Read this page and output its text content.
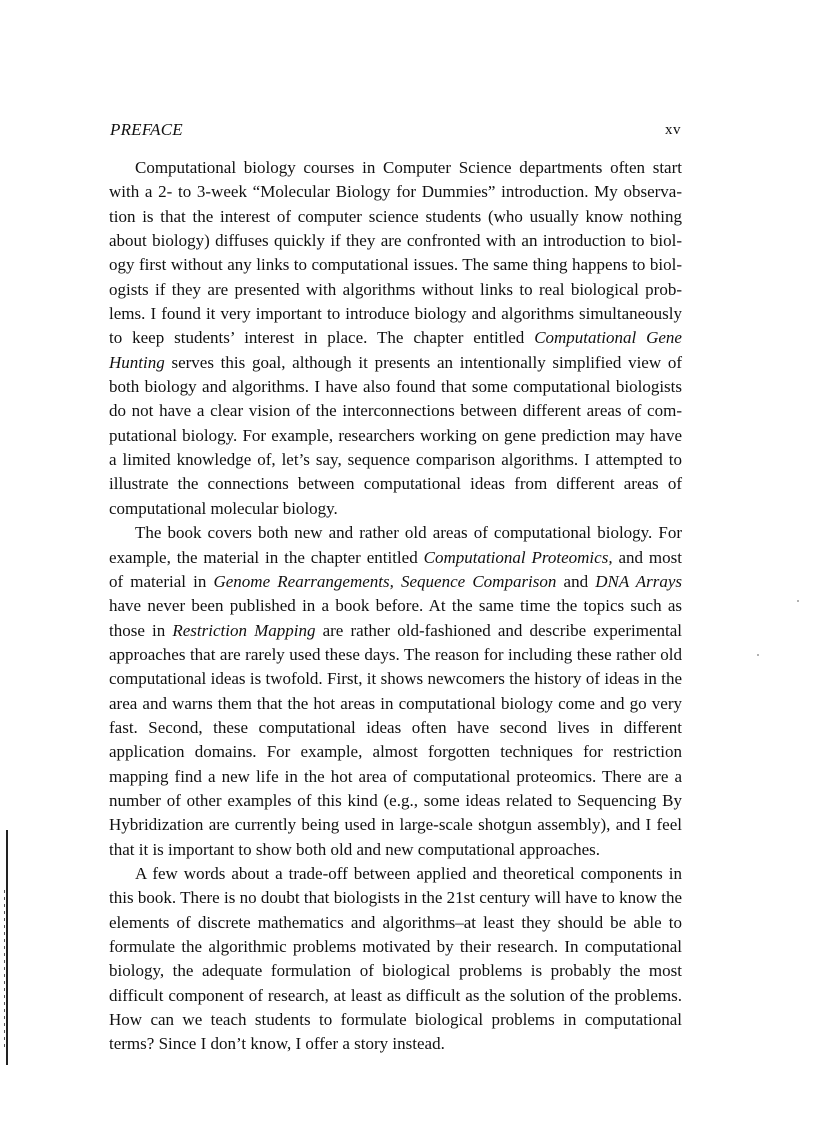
PREFACE	xv

Computational biology courses in Computer Science departments often start with a 2- to 3-week “Molecular Biology for Dummies” introduction. My observation is that the interest of computer science students (who usually know nothing about biology) diffuses quickly if they are confronted with an introduction to biology first without any links to computational issues. The same thing happens to biologists if they are presented with algorithms without links to real biological problems. I found it very important to introduce biology and algorithms simultaneously to keep students’ interest in place. The chapter entitled Computational Gene Hunting serves this goal, although it presents an intentionally simplified view of both biology and algorithms. I have also found that some computational biologists do not have a clear vision of the interconnections between different areas of computational biology. For example, researchers working on gene prediction may have a limited knowledge of, let’s say, sequence comparison algorithms. I attempted to illustrate the connections between computational ideas from different areas of computational molecular biology.

The book covers both new and rather old areas of computational biology. For example, the material in the chapter entitled Computational Proteomics, and most of material in Genome Rearrangements, Sequence Comparison and DNA Arrays have never been published in a book before. At the same time the topics such as those in Restriction Mapping are rather old-fashioned and describe experimental approaches that are rarely used these days. The reason for including these rather old computational ideas is twofold. First, it shows newcomers the history of ideas in the area and warns them that the hot areas in computational biology come and go very fast. Second, these computational ideas often have second lives in different application domains. For example, almost forgotten techniques for restriction mapping find a new life in the hot area of computational proteomics. There are a number of other examples of this kind (e.g., some ideas related to Sequencing By Hybridization are currently being used in large-scale shotgun assembly), and I feel that it is important to show both old and new computational approaches.

A few words about a trade-off between applied and theoretical components in this book. There is no doubt that biologists in the 21st century will have to know the elements of discrete mathematics and algorithms–at least they should be able to formulate the algorithmic problems motivated by their research. In computational biology, the adequate formulation of biological problems is probably the most difficult component of research, at least as difficult as the solution of the problems. How can we teach students to formulate biological problems in computational terms? Since I don’t know, I offer a story instead.
